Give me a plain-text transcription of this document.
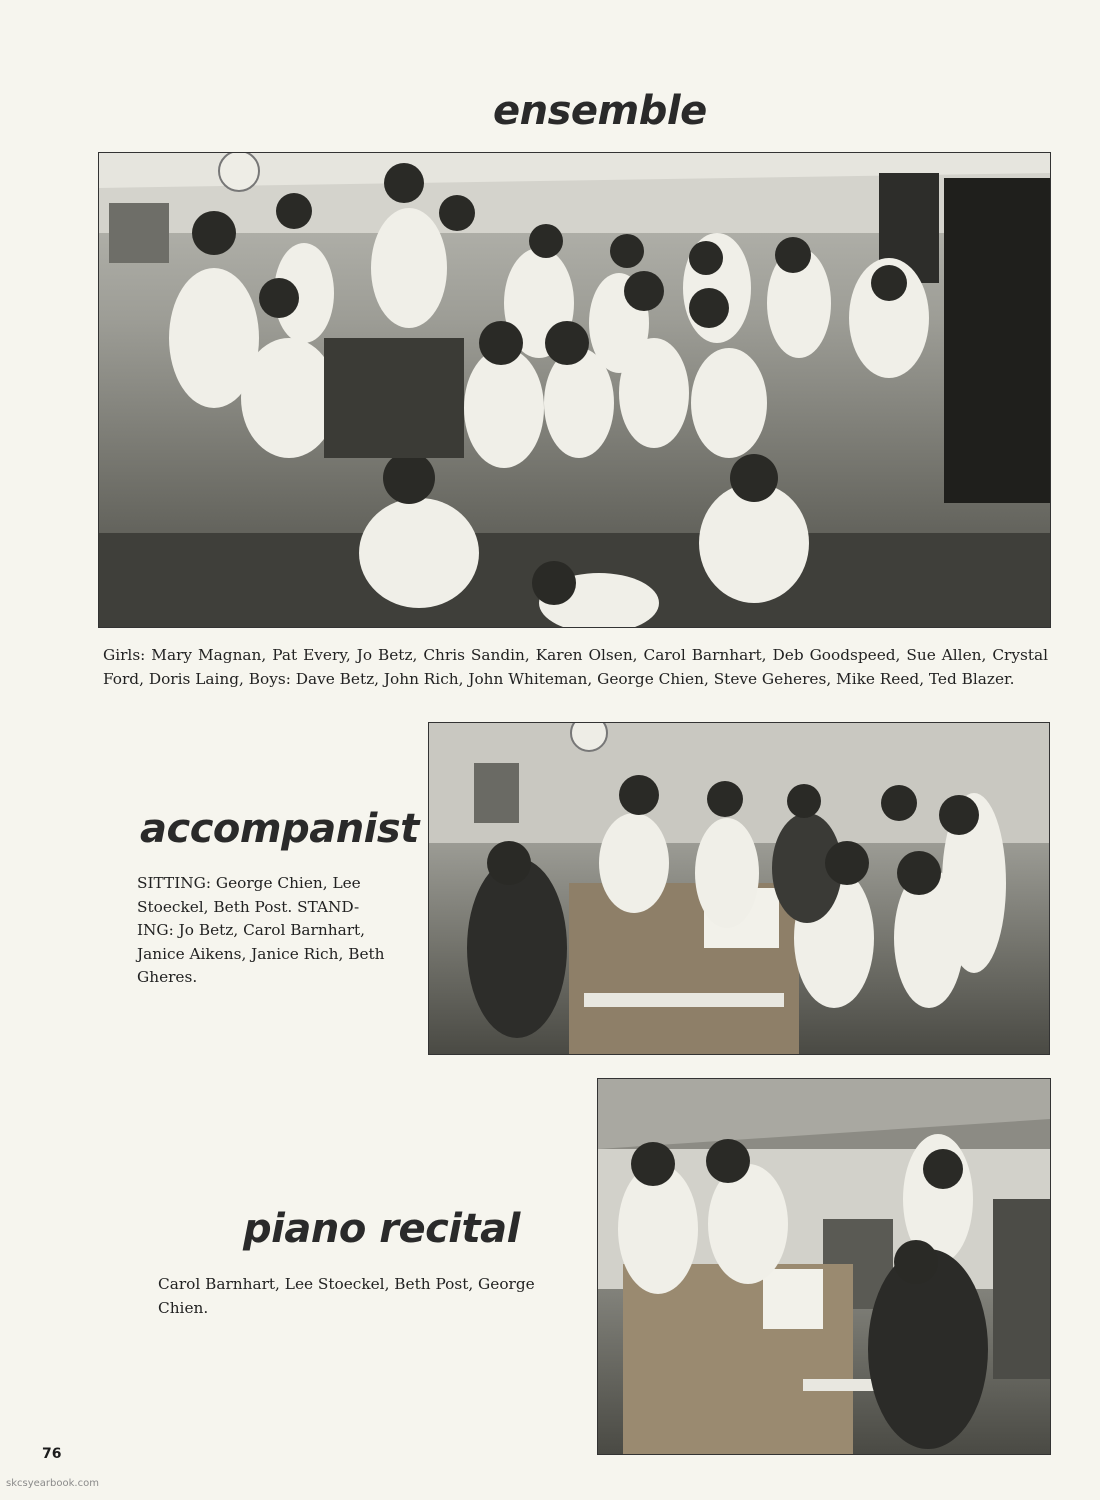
ensemble

Girls: Mary Magnan, Pat Every, Jo Betz, Chris Sandin, Karen Olsen, Carol Barnhart, Deb Goodspeed, Sue Allen, Crystal Ford, Doris Laing, Boys: Dave Betz, John Rich, John Whiteman, George Chien, Steve Geheres, Mike Reed, Ted Blazer.

accompanist

SITTING: George Chien, Lee
Stoeckel, Beth Post. STAND-
ING: Jo Betz, Carol Barnhart,
Janice Aikens, Janice Rich, Beth
Gheres.

piano recital

Carol Barnhart, Lee Stoeckel, Beth Post, George
Chien.

76
skcsyearbook.com
